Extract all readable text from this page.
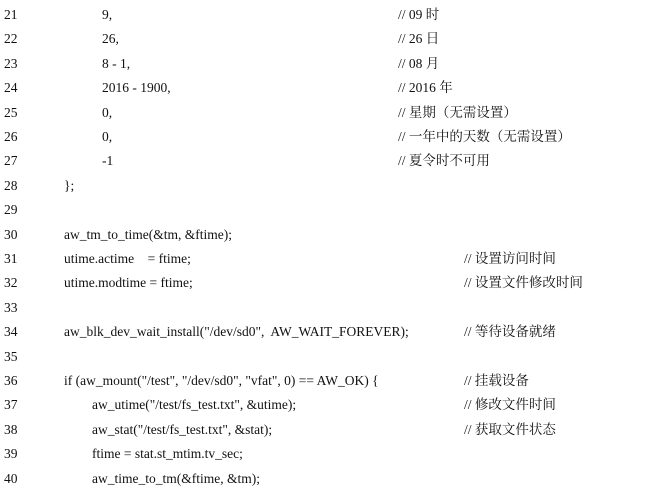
21	9,	// 09 时
22	26,	// 26 日
23	8 - 1,	// 08 月
24	2016 - 1900,	// 2016 年
25	0,	// 星期（无需设置）
26	0,	// 一年中的天数（无需设置）
27	-1	// 夏令时不可用
28	};
29
30	aw_tm_to_time(&tm, &ftime);
31	utime.actime    = ftime;	// 设置访问时间
32	utime.modtime = ftime;	// 设置文件修改时间
33
34	aw_blk_dev_wait_install("/dev/sd0",  AW_WAIT_FOREVER);	// 等待设备就绪
35
36	if (aw_mount("/test", "/dev/sd0", "vfat", 0) == AW_OK) {	// 挂载设备
37	aw_utime("/test/fs_test.txt", &utime);	// 修改文件时间
38	aw_stat("/test/fs_test.txt", &stat);	// 获取文件状态
39	ftime = stat.st_mtim.tv_sec;
40	aw_time_to_tm(&ftime, &tm);
